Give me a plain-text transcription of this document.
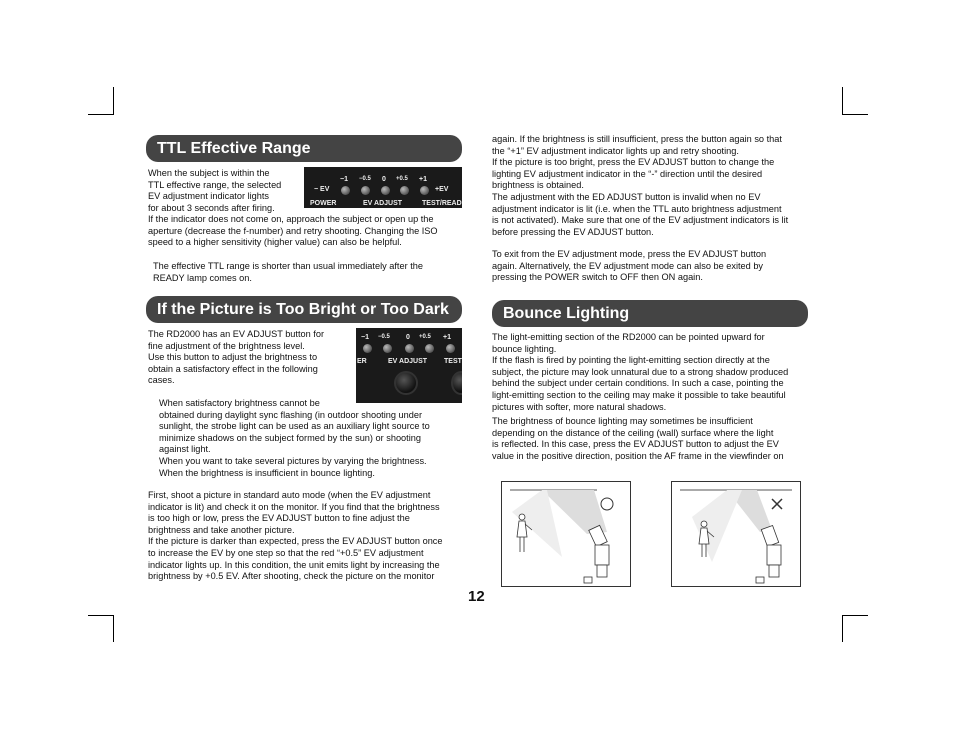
TTL Effective Range

When the subject is within the
TTL effective range, the selected
EV adjustment indicator lights
for about 3 seconds after firing.

−1 −0.5 0 +0.5 +1
− EV	+EV
POWER	EV ADJUST	TEST/READ

If the indicator does not come on, approach the subject or open up the
aperture (decrease the f-number) and retry shooting. Changing the ISO
speed to a higher sensitivity (higher value) can also be helpful.

The effective TTL range is shorter than usual immediately after the
READY lamp comes on.

If the Picture is Too Bright or Too Dark

The RD2000 has an EV ADJUST button for
fine adjustment of the brightness level.
Use this button to adjust the brightness to
obtain a satisfactory effect in the following
cases.

−1 −0.5 0 +0.5 +1
ER	EV ADJUST TEST

When satisfactory brightness cannot be
obtained during daylight sync flashing (in outdoor shooting under
sunlight, the strobe light can be used as an auxiliary light source to
minimize shadows on the subject formed by the sun) or shooting
against light.
When you want to take several pictures by varying the brightness.
When the brightness is insufficient in bounce lighting.

First, shoot a picture in standard auto mode (when the EV adjustment
indicator is lit) and check it on the monitor. If you find that the brightness
is too high or low, press the EV ADJUST button to fine adjust the
brightness and take another picture.
If the picture is darker than expected, press the EV ADJUST button once
to increase the EV by one step so that the red “+0.5” EV adjustment
indicator lights up. In this condition, the unit emits light by increasing the
brightness by +0.5 EV. After shooting, check the picture on the monitor

again. If the brightness is still insufficient, press the button again so that
the “+1” EV adjustment indicator lights up and retry shooting.
If the picture is too bright, press the EV ADJUST button to change the
lighting EV adjustment indicator in the “-” direction until the desired
brightness is obtained.
The adjustment with the ED ADJUST button is invalid when no EV
adjustment indicator is lit (i.e. when the TTL auto brightness adjustment
is not activated). Make sure that one of the EV adjustment indicators is lit
before pressing the EV ADJUST button.

To exit from the EV adjustment mode, press the EV ADJUST button
again. Alternatively, the EV adjustment mode can also be exited by
pressing the POWER switch to OFF then ON again.

Bounce Lighting

The light-emitting section of the RD2000 can be pointed upward for
bounce lighting.
If the flash is fired by pointing the light-emitting section directly at the
subject, the picture may look unnatural due to a strong shadow produced
behind the subject under certain conditions. In such a case, pointing the
light-emitting section to the ceiling may make it possible to take beautiful
pictures with softer, more natural shadows.

The brightness of bounce lighting may sometimes be insufficient
depending on the distance of the ceiling (wall) surface where the light
is reflected. In this case, press the EV ADJUST button to adjust the EV
value in the positive direction, position the AF frame in the viewfinder on

12
